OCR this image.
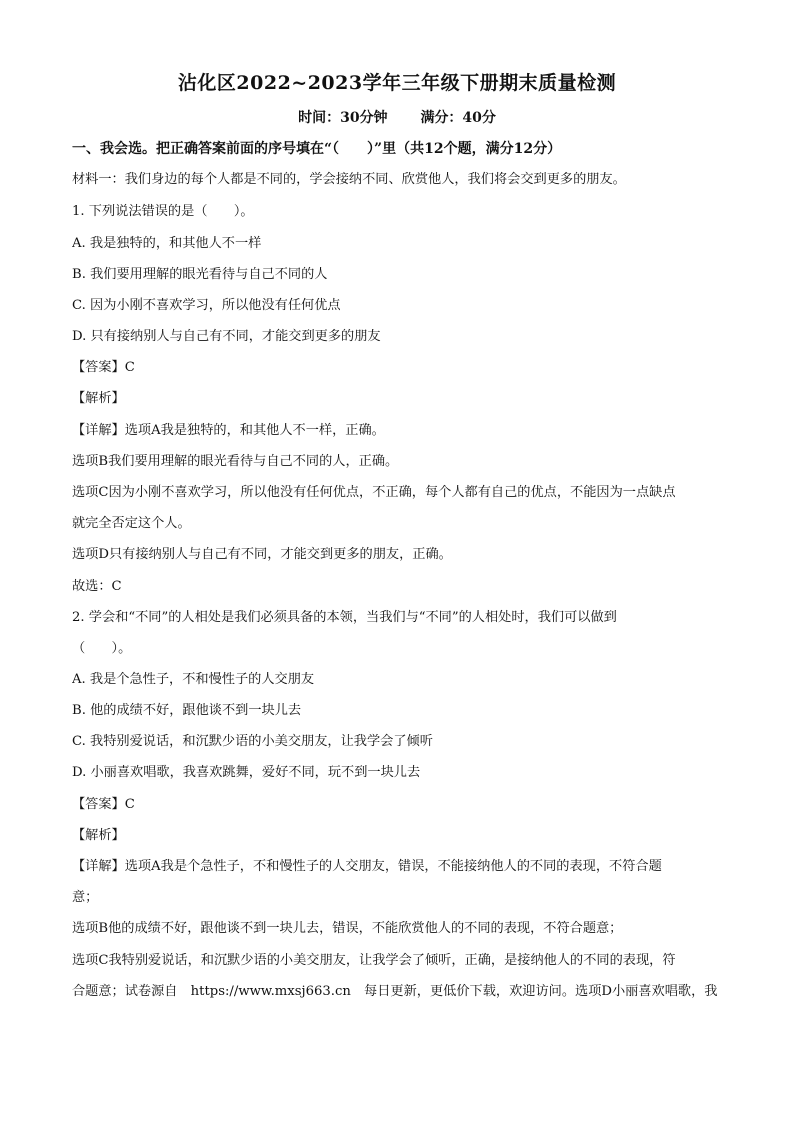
沾化区2022~2023学年三年级下册期末质量检测
时间：30分钟 满分：40分
一、我会选。把正确答案前面的序号填在“（　　）”里（共12个题，满分12分）
材料一：我们身边的每个人都是不同的，学会接纳不同、欣赏他人，我们将会交到更多的朋友。
1. 下列说法错误的是（　　）。
A. 我是独特的，和其他人不一样
B. 我们要用理解的眼光看待与自己不同的人
C. 因为小刚不喜欢学习，所以他没有任何优点
D. 只有接纳别人与自己有不同，才能交到更多的朋友
【答案】C
【解析】
【详解】选项A我是独特的，和其他人不一样，正确。
选项B我们要用理解的眼光看待与自己不同的人，正确。
选项C因为小刚不喜欢学习，所以他没有任何优点，不正确，每个人都有自己的优点，不能因为一点缺点
就完全否定这个人。
选项D只有接纳别人与自己有不同，才能交到更多的朋友，正确。
故选：C
2. 学会和“不同”的人相处是我们必须具备的本领，当我们与“不同”的人相处时，我们可以做到
（　　）。
A. 我是个急性子，不和慢性子的人交朋友
B. 他的成绩不好，跟他谈不到一块儿去
C. 我特别爱说话，和沉默少语的小美交朋友，让我学会了倾听
D. 小丽喜欢唱歌，我喜欢跳舞，爱好不同，玩不到一块儿去
【答案】C
【解析】
【详解】选项A我是个急性子，不和慢性子的人交朋友，错误，不能接纳他人的不同的表现，不符合题
意；
选项B他的成绩不好，跟他谈不到一块儿去，错误，不能欣赏他人的不同的表现，不符合题意；
选项C我特别爱说话，和沉默少语的小美交朋友，让我学会了倾听，正确，是接纳他人的不同的表现，符
合题意；试卷源自　https://www.mxsj663.cn　每日更新，更低价下载，欢迎访问。选项D小丽喜欢唱歌，我
